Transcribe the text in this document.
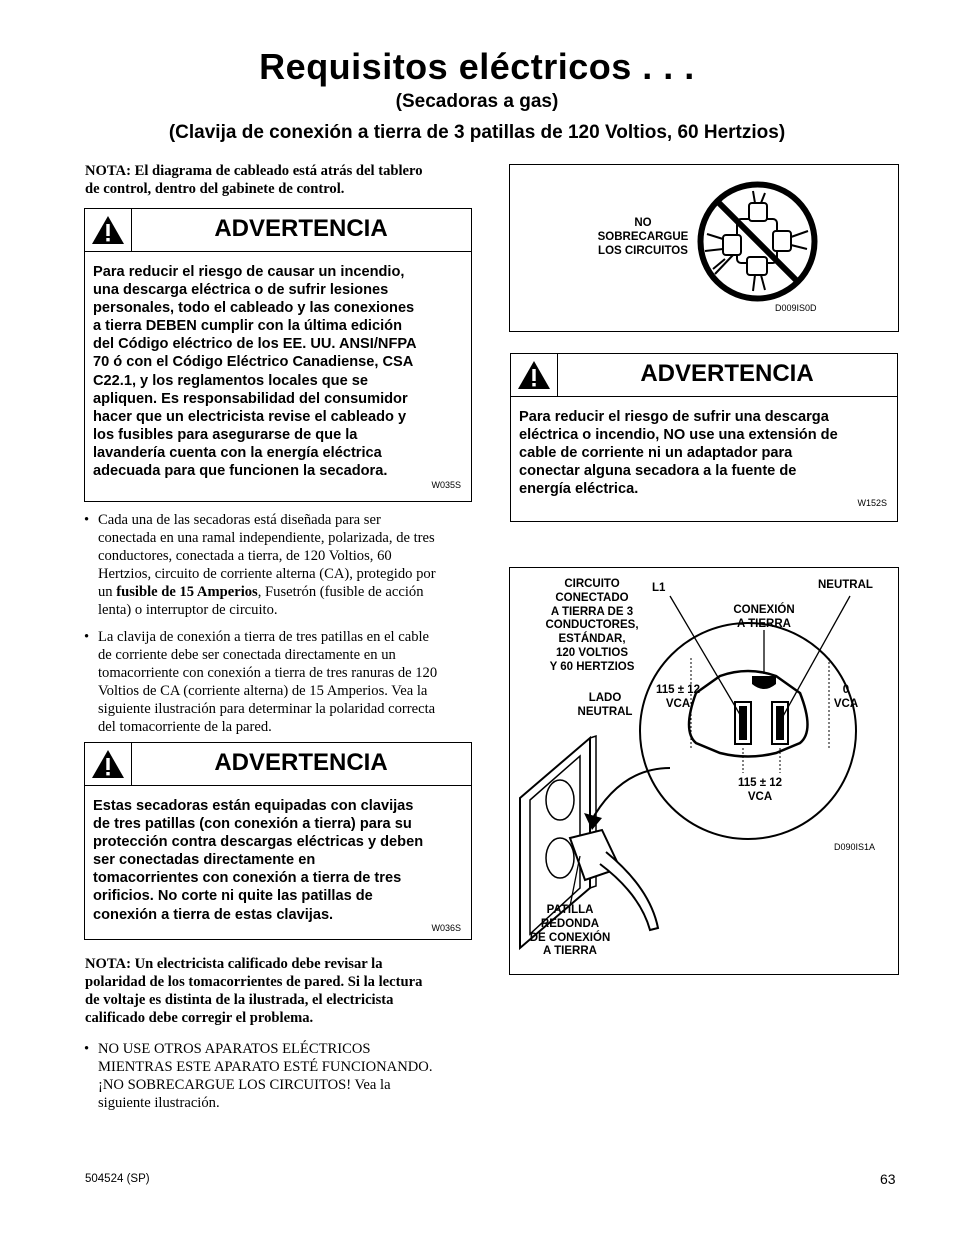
Requisitos eléctricos . . .
(Secadoras a gas)
(Clavija de conexión a tierra de 3 patillas de 120 Voltios, 60 Hertzios)
NOTA: El diagrama de cableado está atrás del tablero
de control, dentro del gabinete de control.
ADVERTENCIA
Para reducir el riesgo de causar un incendio,
una descarga eléctrica o de sufrir lesiones
personales, todo el cableado y las conexiones
a tierra DEBEN cumplir con la última edición
del Código eléctrico de los EE. UU. ANSI/NFPA
70 ó con el Código Eléctrico Canadiense, CSA
C22.1, y los reglamentos locales que se
apliquen. Es responsabilidad del consumidor
hacer que un electricista revise el cableado y
los fusibles para asegurarse de que la
lavandería cuenta con la energía eléctrica
adecuada para que funcionen la secadora.
W035S
• Cada una de las secadoras está diseñada para ser
conectada en una ramal independiente, polarizada, de tres
conductores, conectada a tierra, de 120 Voltios, 60
Hertzios, circuito de corriente alterna (CA), protegido por
un fusible de 15 Amperios, Fusetrón (fusible de acción
lenta) o interruptor de circuito.
• La clavija de conexión a tierra de tres patillas en el cable
de corriente debe ser conectada directamente en un
tomacorriente con conexión a tierra de tres ranuras de 120
Voltios de CA (corriente alterna) de 15 Amperios. Vea la
siguiente ilustración para determinar la polaridad correcta
del tomacorriente de la pared.
ADVERTENCIA
Estas secadoras están equipadas con clavijas
de tres patillas (con conexión a tierra) para su
protección contra descargas eléctricas y deben
ser conectadas directamente en
tomacorrientes con conexión a tierra de tres
orificios. No corte ni quite las patillas de
conexión a tierra de estas clavijas.
W036S
NOTA: Un electricista calificado debe revisar la
polaridad de los tomacorrientes de pared. Si la lectura
de voltaje es distinta de la ilustrada, el electricista
calificado debe corregir el problema.
• NO USE OTROS APARATOS ELÉCTRICOS
MIENTRAS ESTE APARATO ESTÉ FUNCIONANDO.
¡NO SOBRECARGUE LOS CIRCUITOS! Vea la
siguiente ilustración.
NO
SOBRECARGUE
LOS CIRCUITOS
D009IS0D
ADVERTENCIA
Para reducir el riesgo de sufrir una descarga
eléctrica o incendio, NO use una extensión de
cable de corriente ni un adaptador para
conectar alguna secadora a la fuente de
energía eléctrica.
W152S
CIRCUITO
CONECTADO
A TIERRA DE 3
CONDUCTORES,
ESTÁNDAR,
120 VOLTIOS
Y 60 HERTZIOS
L1	NEUTRAL
CONEXIÓN
A TIERRA
LADO
NEUTRAL
115 ± 12
VCA
0
VCA
115 ± 12
VCA
PATILLA
REDONDA
DE CONEXIÓN
A TIERRA
D090IS1A
504524 (SP)	63
